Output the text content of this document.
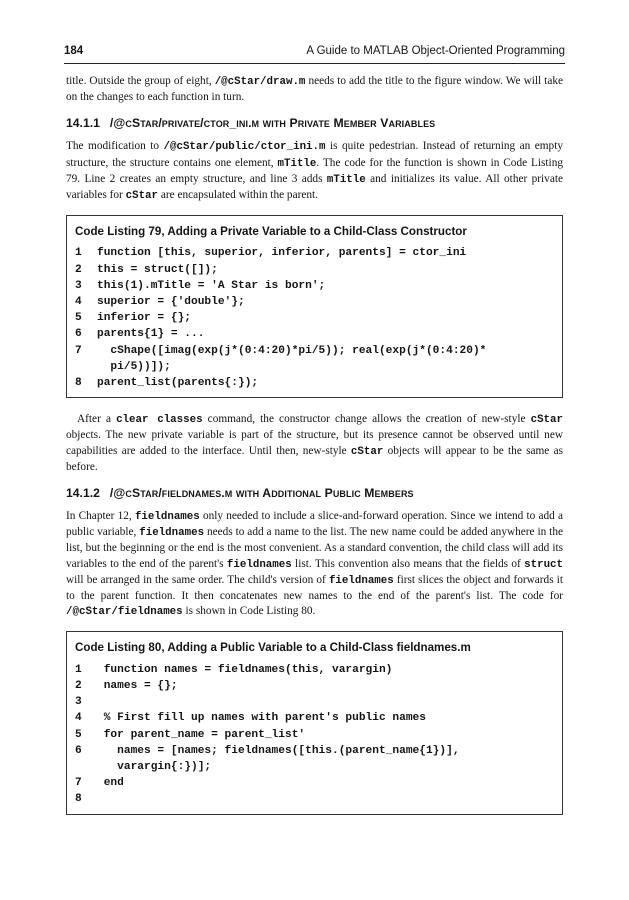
184	A Guide to MATLAB Object-Oriented Programming

title. Outside the group of eight, /@cStar/draw.m needs to add the title to the figure window. We will take on the changes to each function in turn.

14.1.1 /@cStar/private/ctor_ini.m with Private Member Variables

The modification to /@cStar/public/ctor_ini.m is quite pedestrian. Instead of returning an empty structure, the structure contains one element, mTitle. The code for the function is shown in Code Listing 79. Line 2 creates an empty structure, and line 3 adds mTitle and initializes its value. All other private variables for cStar are encapsulated within the parent.

Code Listing 79, Adding a Private Variable to a Child-Class Constructor
1	function [this, superior, inferior, parents] = ctor_ini
2	this = struct([]);
3	this(1).mTitle = 'A Star is born';
4	superior = {'double'};
5	inferior = {};
6	parents{1} = ...
7	cShape([imag(exp(j*(0:4:20)*pi/5)); real(exp(j*(0:4:20)*
pi/5))]);
8	parent_list(parents{:});

After a clear classes command, the constructor change allows the creation of new-style cStar objects. The new private variable is part of the structure, but its presence cannot be observed until new capabilities are added to the interface. Until then, new-style cStar objects will appear to be the same as before.

14.1.2 /@cStar/fieldnames.m with Additional Public Members

In Chapter 12, fieldnames only needed to include a slice-and-forward operation. Since we intend to add a public variable, fieldnames needs to add a name to the list. The new name could be added anywhere in the list, but the beginning or the end is the most convenient. As a standard convention, the child class will add its variables to the end of the parent's fieldnames list. This convention also means that the fields of struct will be arranged in the same order. The child's version of fieldnames first slices the object and forwards it to the parent function. It then concatenates new names to the end of the parent's list. The code for /@cStar/fieldnames is shown in Code Listing 80.

Code Listing 80, Adding a Public Variable to a Child-Class fieldnames.m
1	function names = fieldnames(this, varargin)
2	names = {};
3
4	% First fill up names with parent's public names
5	for parent_name = parent_list'
6	names = [names; fieldnames([this.(parent_name{1})],
varargin{:})];
7	end
8
